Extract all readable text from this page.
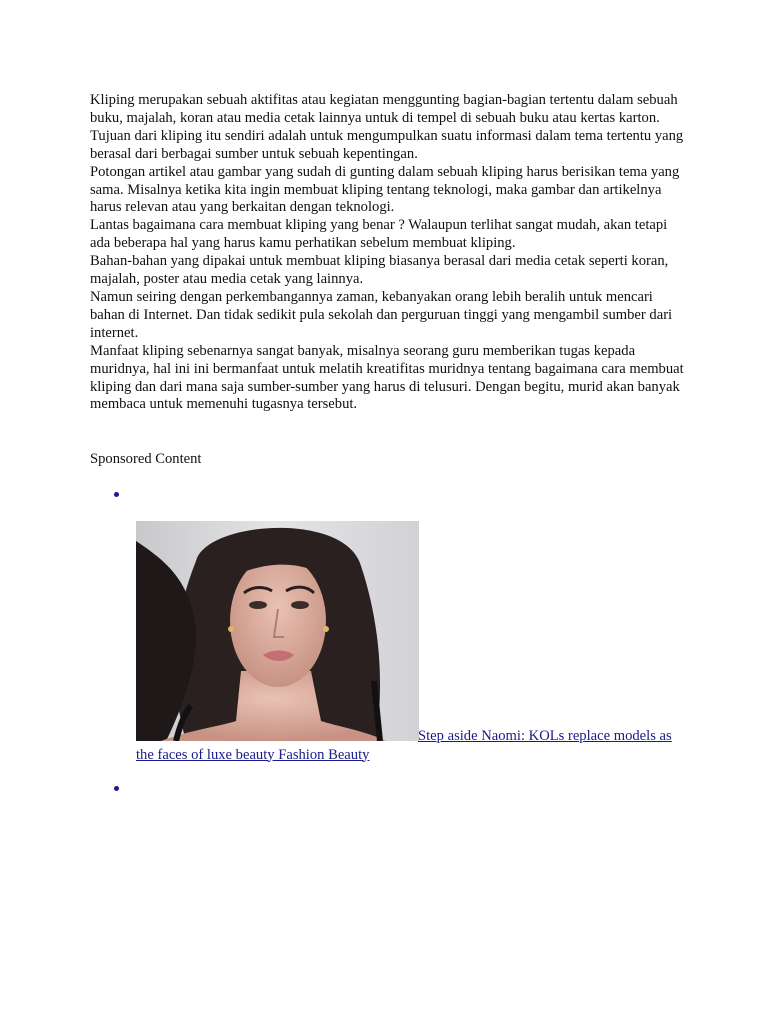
Kliping merupakan sebuah aktifitas atau kegiatan menggunting bagian-bagian tertentu dalam sebuah buku, majalah, koran atau media cetak lainnya untuk di tempel di sebuah buku atau kertas karton.

Tujuan dari kliping itu sendiri adalah untuk mengumpulkan suatu informasi dalam tema tertentu yang berasal dari berbagai sumber untuk sebuah kepentingan.

Potongan artikel atau gambar yang sudah di gunting dalam sebuah kliping harus berisikan tema yang sama. Misalnya ketika kita ingin membuat kliping tentang teknologi, maka gambar dan artikelnya harus relevan atau yang berkaitan dengan teknologi.

Lantas bagaimana cara membuat kliping yang benar ? Walaupun terlihat sangat mudah, akan tetapi ada beberapa hal yang harus kamu perhatikan sebelum membuat kliping.

Bahan-bahan yang dipakai untuk membuat kliping biasanya berasal dari media cetak seperti koran, majalah, poster atau media cetak yang lainnya.

Namun seiring dengan perkembangannya zaman, kebanyakan orang lebih beralih untuk mencari bahan di Internet. Dan tidak sedikit pula sekolah dan perguruan tinggi yang mengambil sumber dari internet.

Manfaat kliping sebenarnya sangat banyak, misalnya seorang guru memberikan tugas kepada muridnya, hal ini ini bermanfaat untuk melatih kreatifitas muridnya tentang bagaimana cara membuat kliping dan dari mana saja sumber-sumber yang harus di telusuri. Dengan begitu, murid akan banyak membaca untuk memenuhi tugasnya tersebut.

Sponsored Content

Step aside Naomi: KOLs replace models as the faces of luxe beauty Fashion Beauty
